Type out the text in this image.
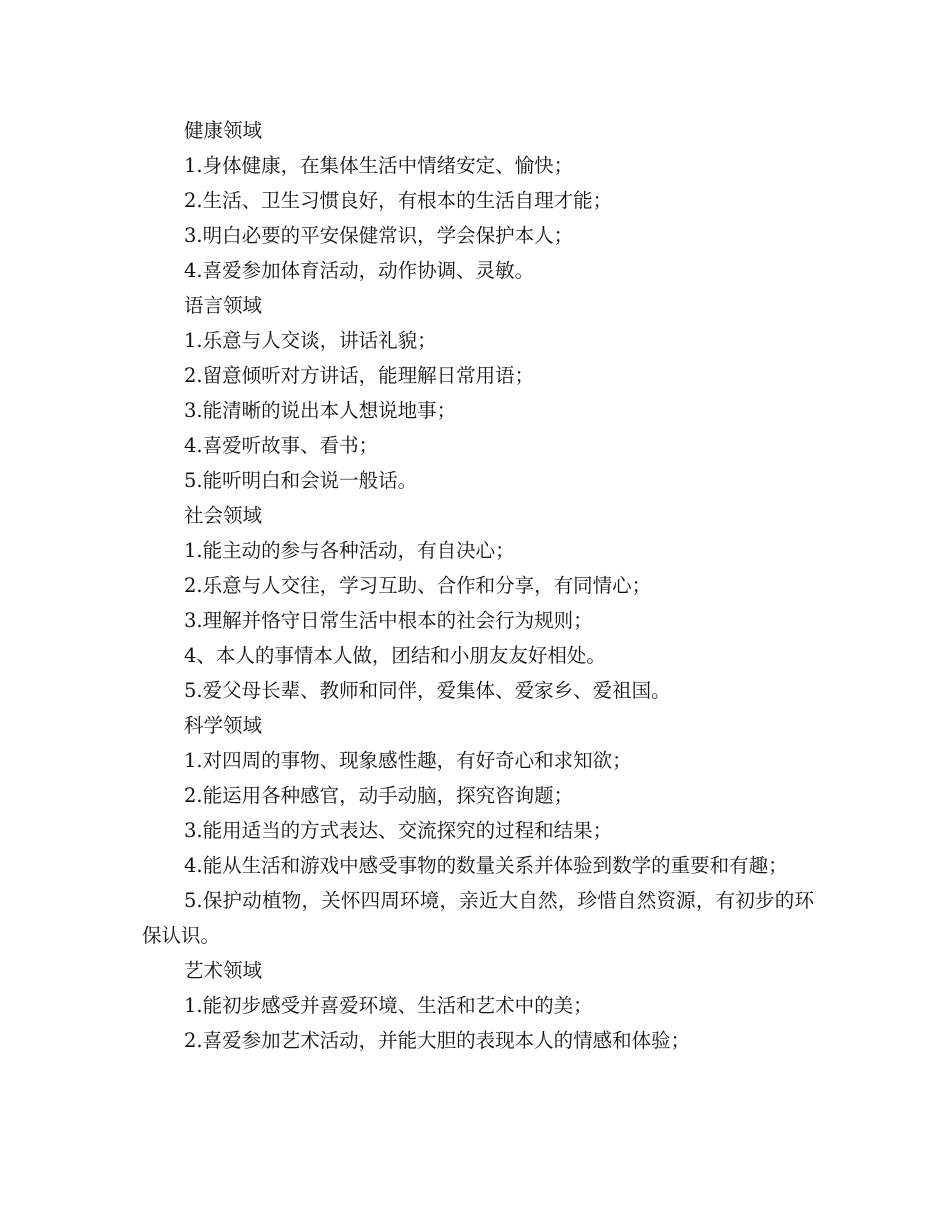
健康领域

1.身体健康，在集体生活中情绪安定、愉快；

2.生活、卫生习惯良好，有根本的生活自理才能；

3.明白必要的平安保健常识，学会保护本人；

4.喜爱参加体育活动，动作协调、灵敏。

语言领域

1.乐意与人交谈，讲话礼貌；

2.留意倾听对方讲话，能理解日常用语；

3.能清晰的说出本人想说地事；

4.喜爱听故事、看书；

5.能听明白和会说一般话。

社会领域

1.能主动的参与各种活动，有自决心；

2.乐意与人交往，学习互助、合作和分享，有同情心；

3.理解并恪守日常生活中根本的社会行为规则；

4、本人的事情本人做，团结和小朋友友好相处。

5.爱父母长辈、教师和同伴，爱集体、爱家乡、爱祖国。

科学领域

1.对四周的事物、现象感性趣，有好奇心和求知欲；

2.能运用各种感官，动手动脑，探究咨询题；

3.能用适当的方式表达、交流探究的过程和结果；

4.能从生活和游戏中感受事物的数量关系并体验到数学的重要和有趣；

5.保护动植物，关怀四周环境，亲近大自然，珍惜自然资源，有初步的环保认识。

艺术领域

1.能初步感受并喜爱环境、生活和艺术中的美；

2.喜爱参加艺术活动，并能大胆的表现本人的情感和体验；
